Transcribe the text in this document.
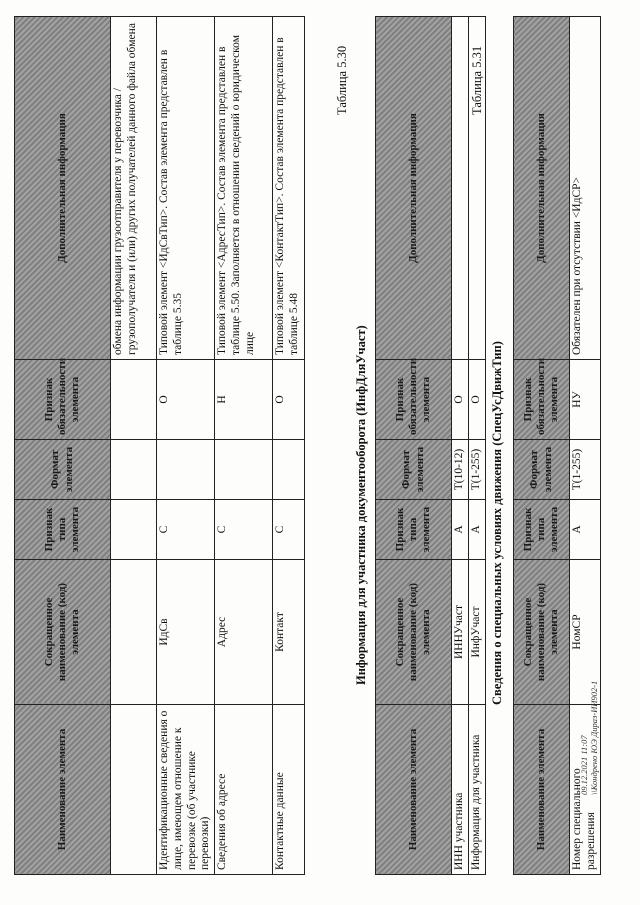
Наименование элемента	Сокращенное наименование (код) элемента	Признак типа элемента	Формат элемента	Признак обязательности элемента	Дополнительная информация
					обмена информации грузоотправителя у перевозчика / грузополучателя и (или) других получателей данного файла обмена
Идентификационные сведения о лице, имеющем отношение к перевозке (об участнике перевозки)	ИдСв	С		О	Типовой элемент <ИдСвТип>. Состав элемента представлен в таблице 5.35
Сведения об адресе	Адрес	С		Н	Типовой элемент <АдресТип>. Состав элемента представлен в таблице 5.50. Заполняется в отношении сведений о юридическом лице
Контактные данные	Контакт	С		О	Типовой элемент <КонтактТип>. Состав элемента представлен в таблице 5.48
Таблица 5.30
Информация для участника документооборота (ИнфДляУчаст)
Наименование элемента	Сокращенное наименование (код) элемента	Признак типа элемента	Формат элемента	Признак обязательности элемента	Дополнительная информация
ИНН участника	ИННУчаст	А	Т(10-12)	О	
Информация для участника	ИнфУчаст	А	Т(1-255)	О	
Таблица 5.31
Сведения о специальных условиях движения (СпецУсДвижТип)
Наименование элемента	Сокращенное наименование (код) элемента	Признак типа элемента	Формат элемента	Признак обязательности элемента	Дополнительная информация
Номер специального разрешения	НомСР	А	Т(1-255)	НУ	Обязателен при отсутствии <ИдСР>
09.12.2021 11:07 \\Кондрено ЮЭ Дираз-ИИ902-1
